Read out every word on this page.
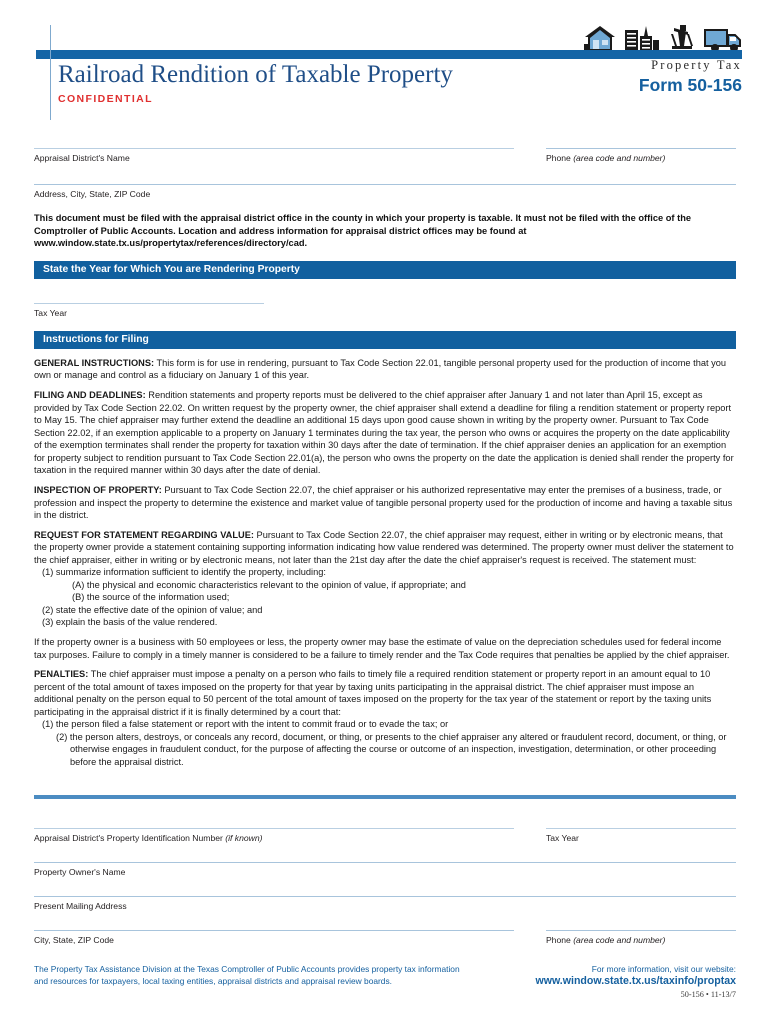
Railroad Rendition of Taxable Property
CONFIDENTIAL
Property Tax
Form 50-156
Appraisal District's Name	Phone (area code and number)
Address, City, State, ZIP Code
This document must be filed with the appraisal district office in the county in which your property is taxable. It must not be filed with the office of the Comptroller of Public Accounts. Location and address information for appraisal district offices may be found at www.window.state.tx.us/propertytax/references/directory/cad.
State the Year for Which You are Rendering Property
Tax Year
Instructions for Filing

GENERAL INSTRUCTIONS: This form is for use in rendering, pursuant to Tax Code Section 22.01, tangible personal property used for the production of income that you own or manage and control as a fiduciary on January 1 of this year.

FILING AND DEADLINES: Rendition statements and property reports must be delivered to the chief appraiser after January 1 and not later than April 15, except as provided by Tax Code Section 22.02. On written request by the property owner, the chief appraiser shall extend a deadline for filing a rendition statement or property report to May 15. The chief appraiser may further extend the deadline an additional 15 days upon good cause shown in writing by the property owner. Pursuant to Tax Code Section 22.02, if an exemption applicable to a property on January 1 terminates during the tax year, the person who owns or acquires the property on the date applicability of the exemption terminates shall render the property for taxation within 30 days after the date of termination. If the chief appraiser denies an application for an exemption for property subject to rendition pursuant to Tax Code Section 22.01(a), the person who owns the property on the date the application is denied shall render the property for taxation in the required manner within 30 days after the date of denial.

INSPECTION OF PROPERTY: Pursuant to Tax Code Section 22.07, the chief appraiser or his authorized representative may enter the premises of a business, trade, or profession and inspect the property to determine the existence and market value of tangible personal property used for the production of income and having a taxable situs in the district.

REQUEST FOR STATEMENT REGARDING VALUE: Pursuant to Tax Code Section 22.07, the chief appraiser may request, either in writing or by electronic means, that the property owner provide a statement containing supporting information indicating how value rendered was determined. The property owner must deliver the statement to the chief appraiser, either in writing or by electronic means, not later than the 21st day after the date the chief appraiser's request is received. The statement must:

(1) summarize information sufficient to identify the property, including:

(A) the physical and economic characteristics relevant to the opinion of value, if appropriate; and

(B) the source of the information used;

(2) state the effective date of the opinion of value; and

(3) explain the basis of the value rendered.

If the property owner is a business with 50 employees or less, the property owner may base the estimate of value on the depreciation schedules used for federal income tax purposes. Failure to comply in a timely manner is considered to be a failure to timely render and the Tax Code requires that penalties be applied by the chief appraiser.

PENALTIES: The chief appraiser must impose a penalty on a person who fails to timely file a required rendition statement or property report in an amount equal to 10 percent of the total amount of taxes imposed on the property for that year by taxing units participating in the appraisal district. The chief appraiser must impose an additional penalty on the person equal to 50 percent of the total amount of taxes imposed on the property for the tax year of the statement or report by the taxing units participating in the appraisal district if it is finally determined by a court that:

(1) the person filed a false statement or report with the intent to commit fraud or to evade the tax; or

(2) the person alters, destroys, or conceals any record, document, or thing, or presents to the chief appraiser any altered or fraudulent record, document, or thing, or otherwise engages in fraudulent conduct, for the purpose of affecting the course or outcome of an inspection, investigation, determination, or other proceeding before the appraisal district.

Appraisal District's Property Identification Number (if known)	Tax Year
Property Owner's Name
Present Mailing Address
City, State, ZIP Code	Phone (area code and number)
The Property Tax Assistance Division at the Texas Comptroller of Public Accounts provides property tax information and resources for taxpayers, local taxing entities, appraisal districts and appraisal review boards.
For more information, visit our website:
www.window.state.tx.us/taxinfo/proptax
50-156 • 11-13/7
